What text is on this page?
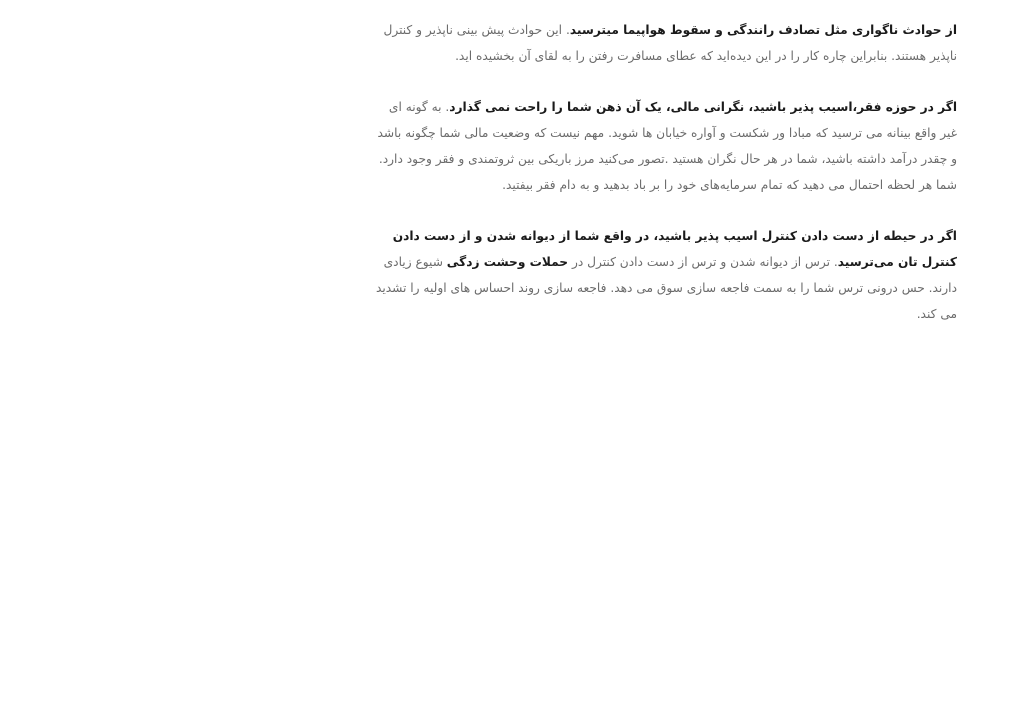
از حوادث ناگواری مثل تصادف رانندگی و سقوط هواپیما میترسید. این حوادث پیش بینی ناپذیر و کنترل ناپذیر هستند. بنابراین چاره کار را در این دیده‌اید که عطای مسافرت رفتن را به لقای آن بخشیده اید.

اگر در حوزه فقر،اسیب پذیر باشید، نگرانی مالی، یک آن ذهن شما را راحت نمی گذارد. به گونه ای غیر واقع بینانه می ترسید که مبادا ور شکست و آواره خیابان ها شوید. مهم نیست که وضعیت مالی شما چگونه باشد و چقدر درآمد داشته باشید، شما در هر حال نگران هستید .تصور می‌کنید مرز باریکی بین ثروتمندی و فقر وجود دارد. شما هر لحظه احتمال می دهید که تمام سرمایه‌های خود را بر باد بدهید و به دام فقر بیفتید.

اگر در حیطه از دست دادن کنترل اسیب پذیر باشید، در واقع شما از دیوانه شدن و از دست دادن کنترل تان می‌ترسید. ترس از دیوانه شدن و ترس از دست دادن کنترل در حملات وحشت زدگی شیوع زیادی دارند. حس درونی ترس شما را به سمت فاجعه سازی سوق می دهد. فاجعه سازی روند احساس های اولیه را تشدید می کند.
